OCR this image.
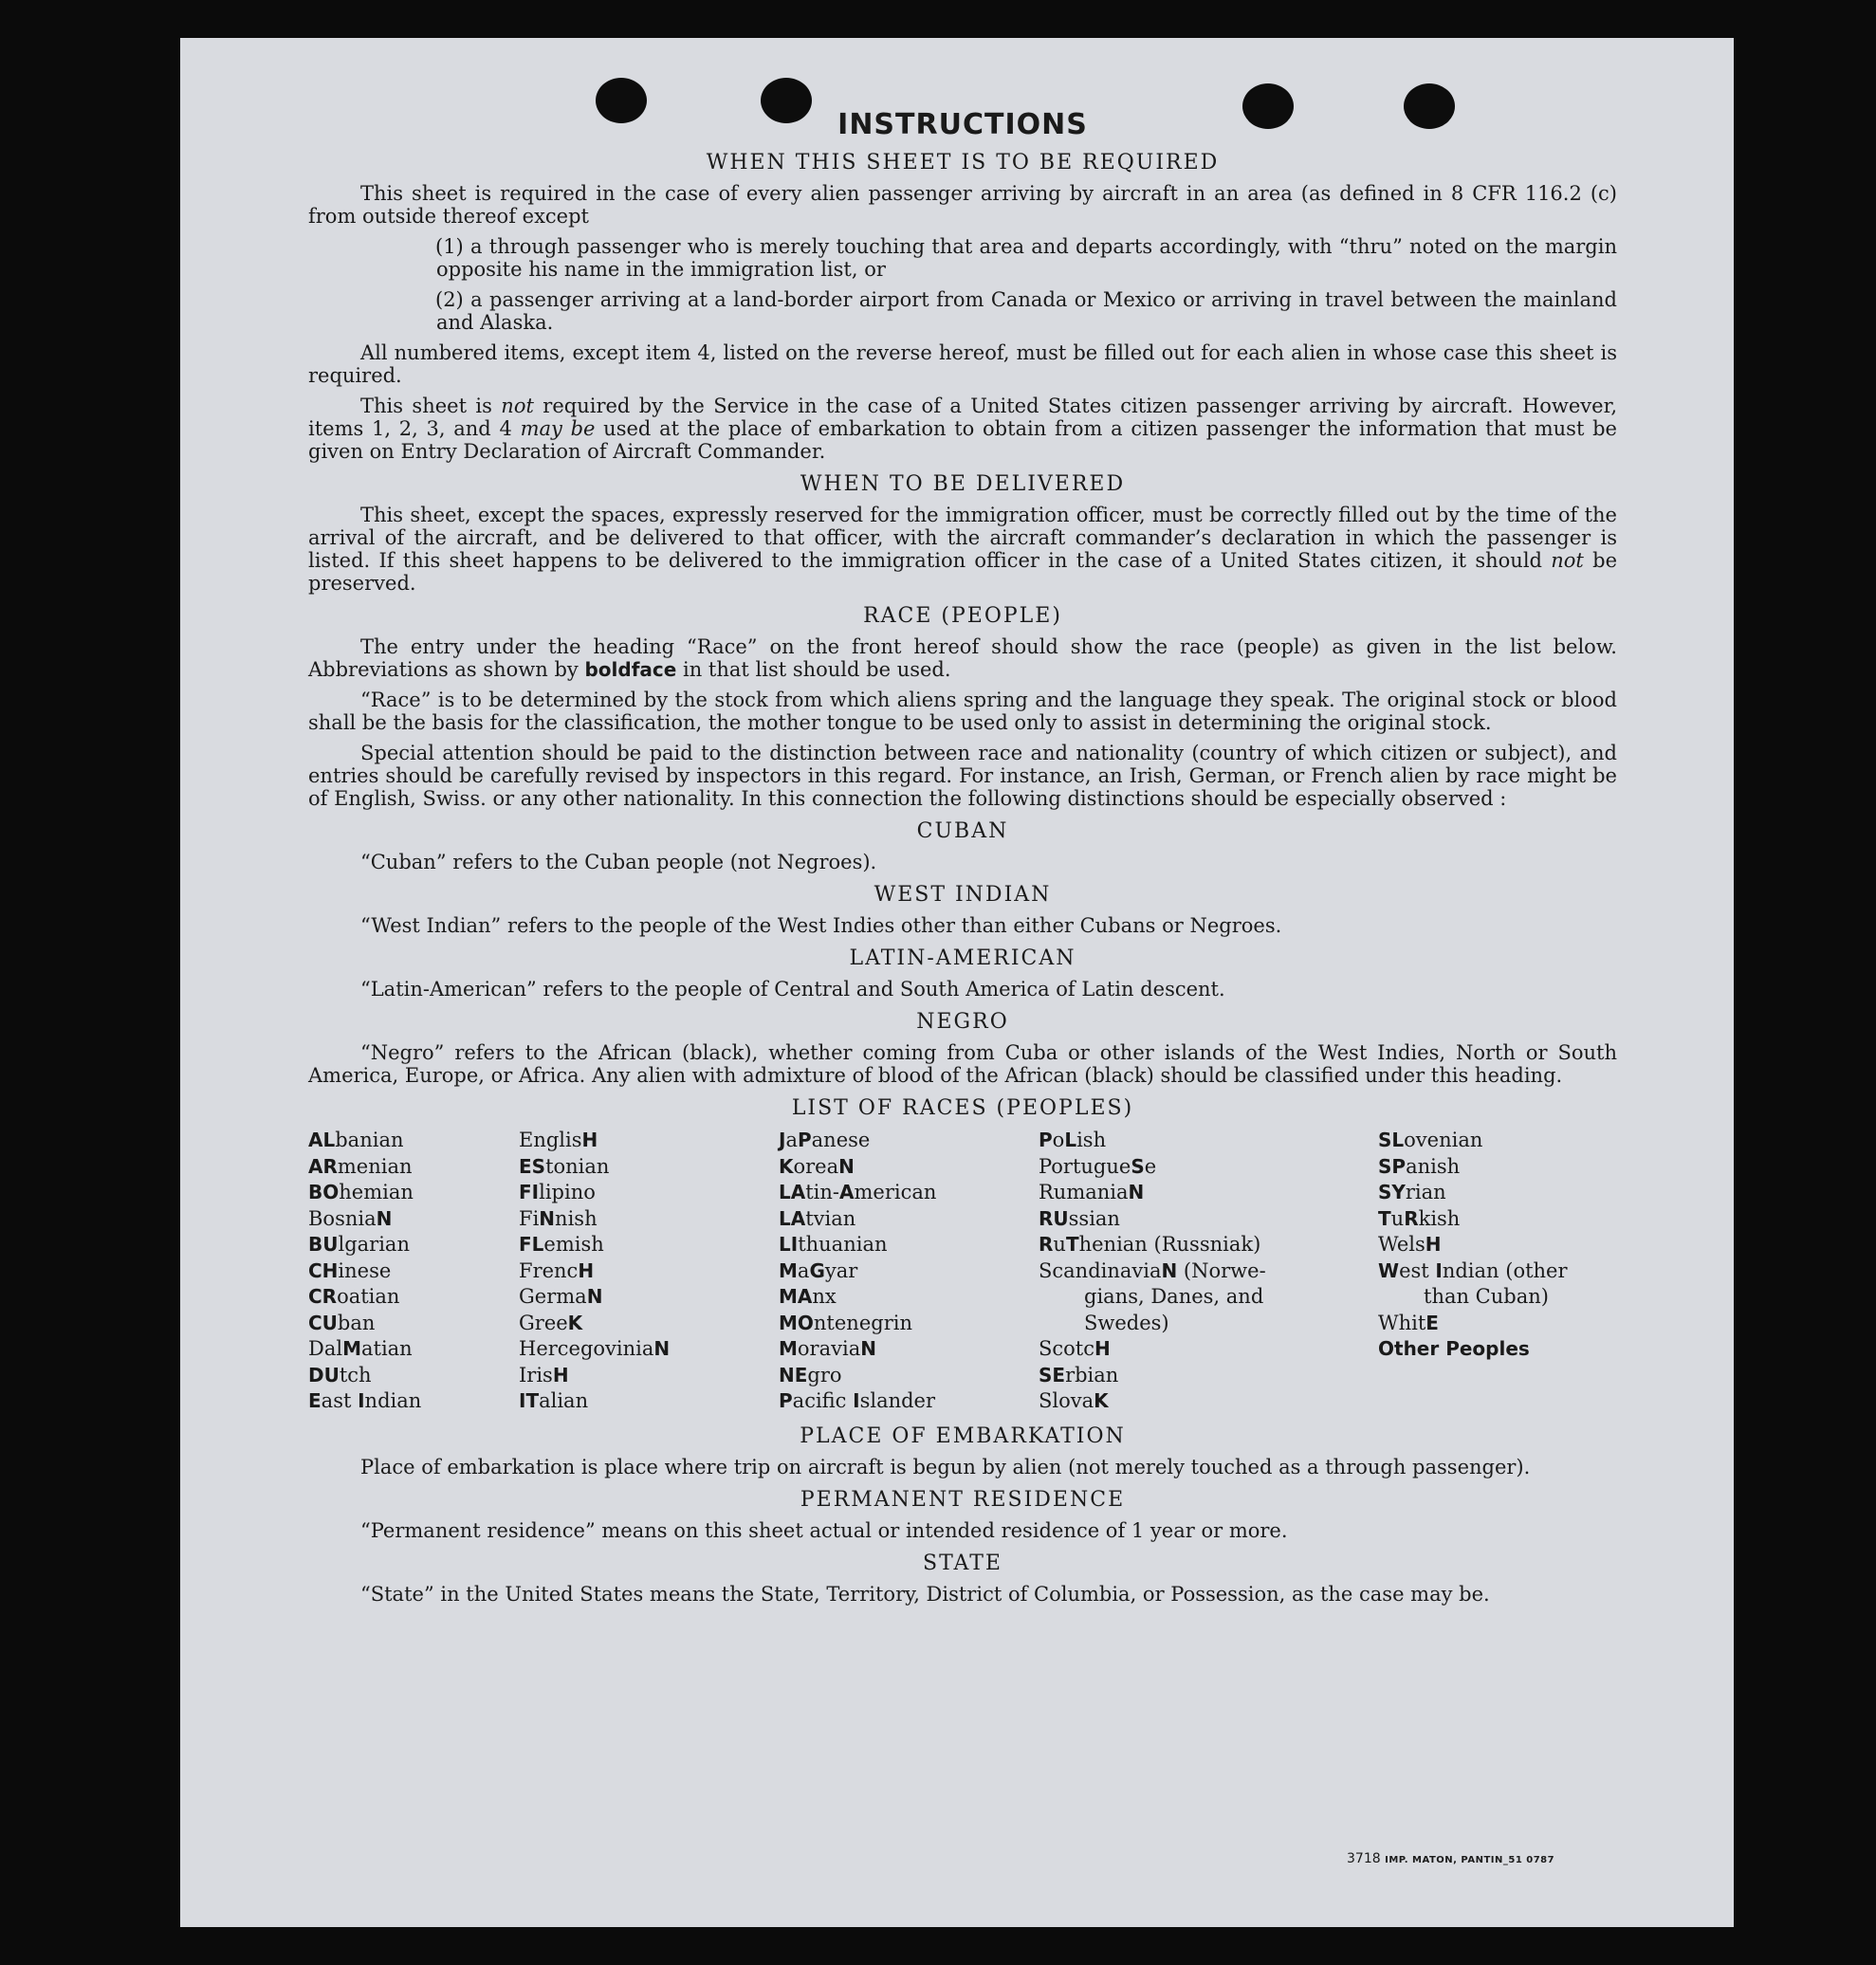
INSTRUCTIONS
WHEN THIS SHEET IS TO BE REQUIRED

This sheet is required in the case of every alien passenger arriving by aircraft in an area (as defined in 8 CFR 116.2 (c) from outside thereof except

(1) a through passenger who is merely touching that area and departs accordingly, with “thru” noted on the margin opposite his name in the immigration list, or

(2) a passenger arriving at a land-border airport from Canada or Mexico or arriving in travel between the mainland and Alaska.

All numbered items, except item 4, listed on the reverse hereof, must be filled out for each alien in whose case this sheet is required.

This sheet is not required by the Service in the case of a United States citizen passenger arriving by aircraft. However, items 1, 2, 3, and 4 may be used at the place of embarkation to obtain from a citizen passenger the information that must be given on Entry Declaration of Aircraft Commander.

WHEN TO BE DELIVERED

This sheet, except the spaces, expressly reserved for the immigration officer, must be correctly filled out by the time of the arrival of the aircraft, and be delivered to that officer, with the aircraft commander’s declaration in which the passenger is listed. If this sheet happens to be delivered to the immigration officer in the case of a United States citizen, it should not be preserved.

RACE (PEOPLE)

The entry under the heading “Race” on the front hereof should show the race (people) as given in the list below. Abbreviations as shown by boldface in that list should be used.

“Race” is to be determined by the stock from which aliens spring and the language they speak. The original stock or blood shall be the basis for the classification, the mother tongue to be used only to assist in determining the original stock.

Special attention should be paid to the distinction between race and nationality (country of which citizen or subject), and entries should be carefully revised by inspectors in this regard. For instance, an Irish, German, or French alien by race might be of English, Swiss. or any other nationality. In this connection the following distinctions should be especially observed :

CUBAN

“Cuban” refers to the Cuban people (not Negroes).

WEST INDIAN

“West Indian” refers to the people of the West Indies other than either Cubans or Negroes.

LATIN-AMERICAN

“Latin-American” refers to the people of Central and South America of Latin descent.

NEGRO

“Negro” refers to the African (black), whether coming from Cuba or other islands of the West Indies, North or South America, Europe, or Africa. Any alien with admixture of blood of the African (black) should be classified under this heading.

LIST OF RACES (PEOPLES)
ALbanian
ARmenian
BOhemian
BosniaN
BUlgarian
CHinese
CRoatian
CUban
DalMatian
DUtch
East Indian
EnglisH
EStonian
FIlipino
FiNnish
FLemish
FrencH
GermaN
GreeK
HercegoviniaN
IrisH
ITalian
JaPanese
KoreaN
LAtin-American
LAtvian
LIthuanian
MaGyar
MAnx
MOntenegrin
MoraviaN
NEgro
Pacific Islander
PoLish
PortugueSe
RumaniaN
RUssian
RuThenian (Russniak)
ScandinaviaN (Norwe-
gians, Danes, and
Swedes)
ScotcH
SErbian
SlovaK
SLovenian
SPanish
SYrian
TuRkish
WelsH
West Indian (other
than Cuban)
WhitE
Other Peoples
PLACE OF EMBARKATION

Place of embarkation is place where trip on aircraft is begun by alien (not merely touched as a through passenger).

PERMANENT RESIDENCE

“Permanent residence” means on this sheet actual or intended residence of 1 year or more.

STATE

“State” in the United States means the State, Territory, District of Columbia, or Possession, as the case may be.

3718 IMP. MATON, PANTIN_51 0787
